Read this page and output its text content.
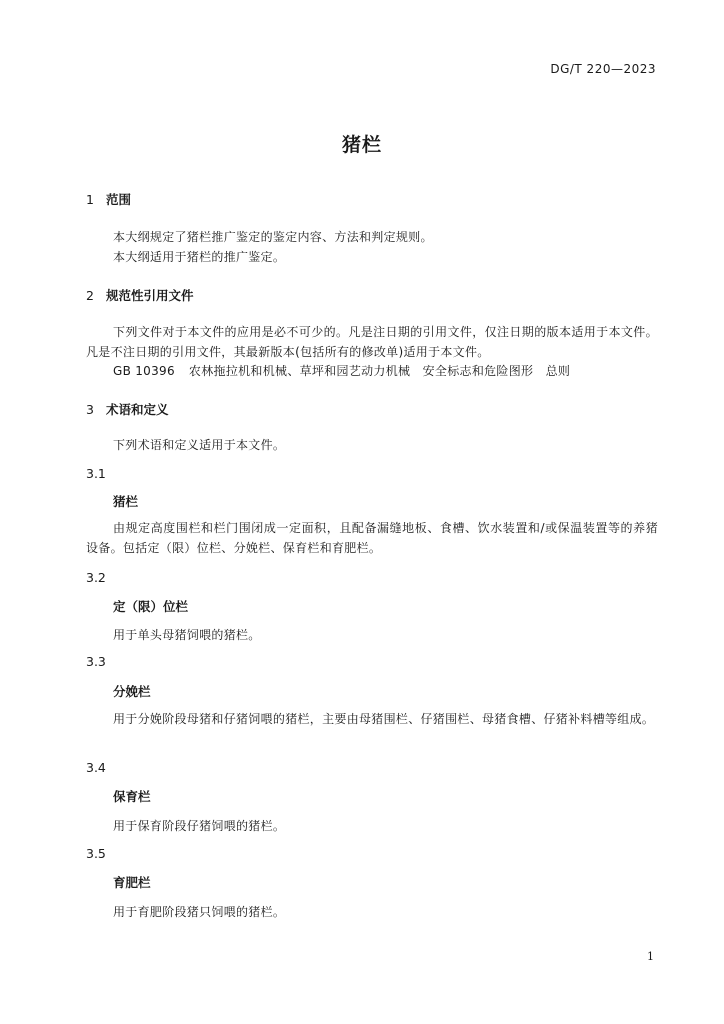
DG/T 220—2023
猪栏
1 范围
本大纲规定了猪栏推广鉴定的鉴定内容、方法和判定规则。
本大纲适用于猪栏的推广鉴定。
2 规范性引用文件
下列文件对于本文件的应用是必不可少的。凡是注日期的引用文件，仅注日期的版本适用于本文件。凡是不注日期的引用文件，其最新版本(包括所有的修改单)适用于本文件。
GB 10396 农林拖拉机和机械、草坪和园艺动力机械　安全标志和危险图形　总则
3 术语和定义
下列术语和定义适用于本文件。
3.1
猪栏
由规定高度围栏和栏门围闭成一定面积，且配备漏缝地板、食槽、饮水装置和/或保温装置等的养猪设备。包括定（限）位栏、分娩栏、保育栏和育肥栏。
3.2
定（限）位栏
用于单头母猪饲喂的猪栏。
3.3
分娩栏
用于分娩阶段母猪和仔猪饲喂的猪栏，主要由母猪围栏、仔猪围栏、母猪食槽、仔猪补料槽等组成。
3.4
保育栏
用于保育阶段仔猪饲喂的猪栏。
3.5
育肥栏
用于育肥阶段猪只饲喂的猪栏。
1
